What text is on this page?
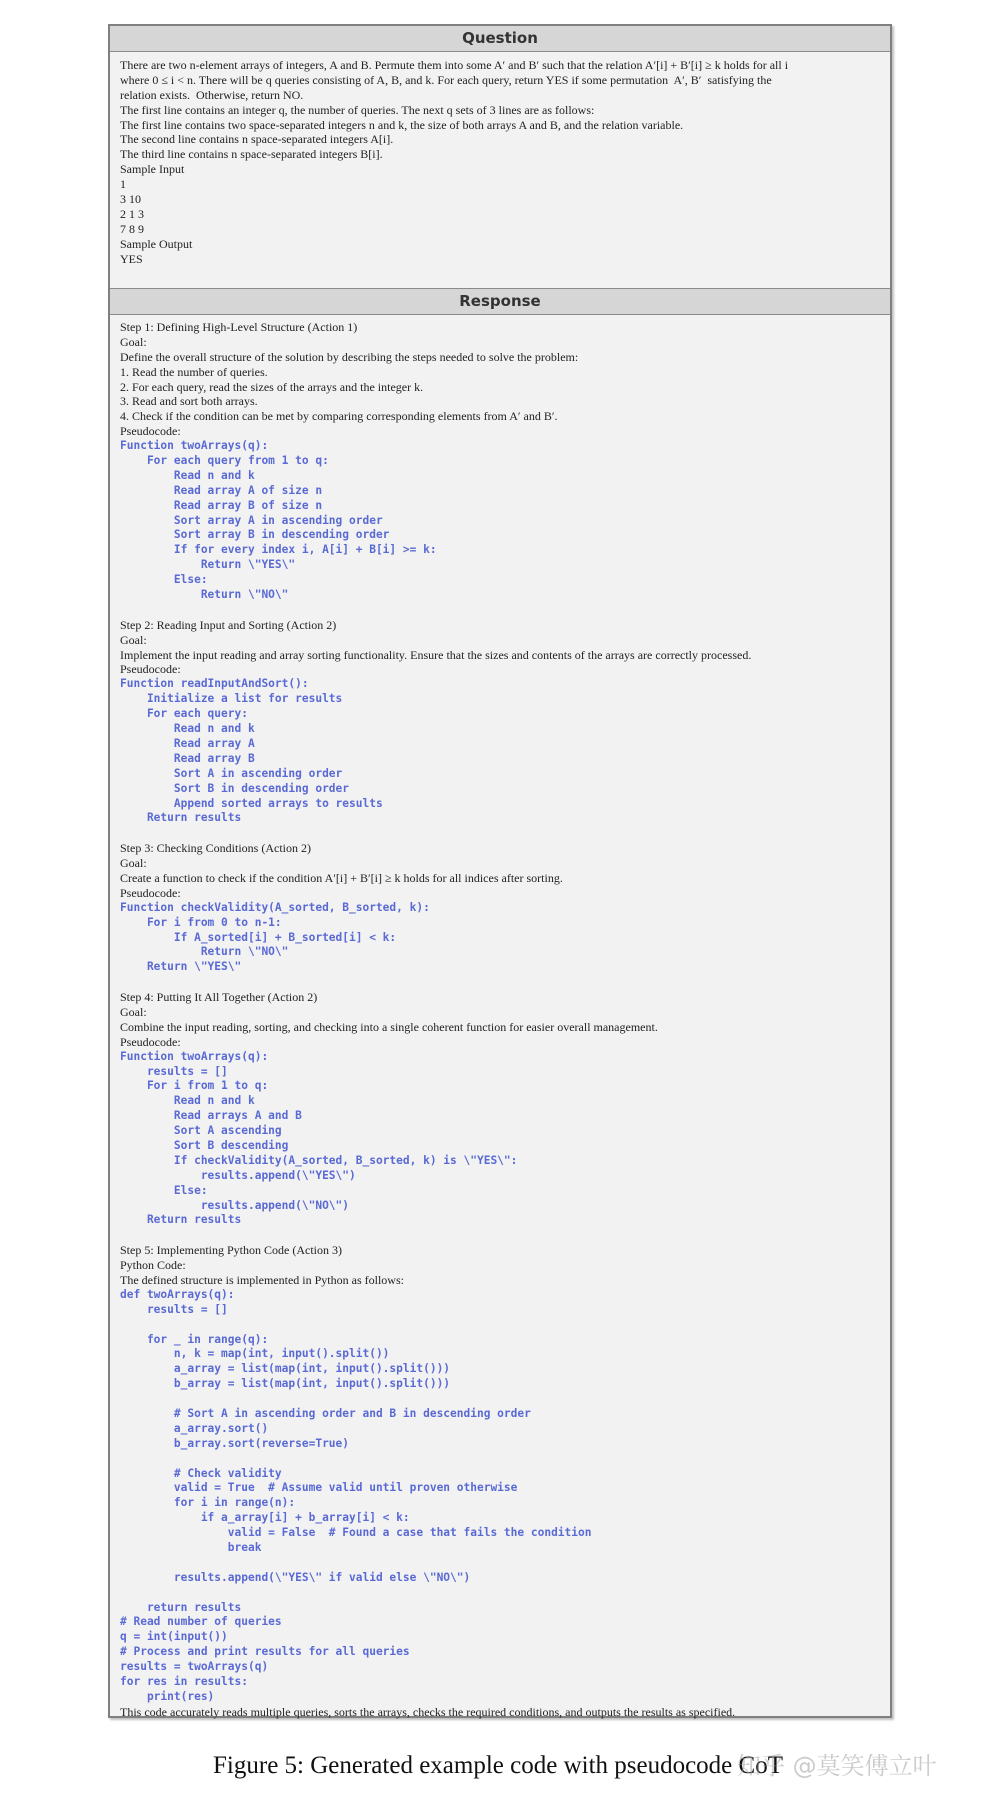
Question
There are two n-element arrays of integers, A and B. Permute them into some A′ and B′ such that the relation A′[i] + B′[i] ≥ k holds for all i
where 0 ≤ i < n. There will be q queries consisting of A, B, and k. For each query, return YES if some permutation  A′, B′  satisfying the
relation exists.  Otherwise, return NO.
The first line contains an integer q, the number of queries. The next q sets of 3 lines are as follows:
The first line contains two space-separated integers n and k, the size of both arrays A and B, and the relation variable.
The second line contains n space-separated integers A[i].
The third line contains n space-separated integers B[i].
Sample Input
1
3 10
2 1 3
7 8 9
Sample Output
YES
Response
Step 1: Defining High-Level Structure (Action 1)
Goal:
Define the overall structure of the solution by describing the steps needed to solve the problem:
1. Read the number of queries.
2. For each query, read the sizes of the arrays and the integer k.
3. Read and sort both arrays.
4. Check if the condition can be met by comparing corresponding elements from A′ and B′.
Pseudocode:
Function twoArrays(q):
For each query from 1 to q:
Read n and k
Read array A of size n
Read array B of size n
Sort array A in ascending order
Sort array B in descending order
If for every index i, A[i] + B[i] >= k:
Return \"YES\"
Else:
Return \"NO\"
Step 2: Reading Input and Sorting (Action 2)
Goal:
Implement the input reading and array sorting functionality. Ensure that the sizes and contents of the arrays are correctly processed.
Pseudocode:
Function readInputAndSort():
Initialize a list for results
For each query:
Read n and k
Read array A
Read array B
Sort A in ascending order
Sort B in descending order
Append sorted arrays to results
Return results
Step 3: Checking Conditions (Action 2)
Goal:
Create a function to check if the condition A′[i] + B′[i] ≥ k holds for all indices after sorting.
Pseudocode:
Function checkValidity(A_sorted, B_sorted, k):
For i from 0 to n-1:
If A_sorted[i] + B_sorted[i] < k:
Return \"NO\"
Return \"YES\"
Step 4: Putting It All Together (Action 2)
Goal:
Combine the input reading, sorting, and checking into a single coherent function for easier overall management.
Pseudocode:
Function twoArrays(q):
results = []
For i from 1 to q:
Read n and k
Read arrays A and B
Sort A ascending
Sort B descending
If checkValidity(A_sorted, B_sorted, k) is \"YES\":
results.append(\"YES\")
Else:
results.append(\"NO\")
Return results
Step 5: Implementing Python Code (Action 3)
Python Code:
The defined structure is implemented in Python as follows:
def twoArrays(q):
results = []
for _ in range(q):
n, k = map(int, input().split())
a_array = list(map(int, input().split()))
b_array = list(map(int, input().split()))
# Sort A in ascending order and B in descending order
a_array.sort()
b_array.sort(reverse=True)
# Check validity
valid = True  # Assume valid until proven otherwise
for i in range(n):
if a_array[i] + b_array[i] < k:
valid = False  # Found a case that fails the condition
break
results.append(\"YES\" if valid else \"NO\")
return results
# Read number of queries
q = int(input())
# Process and print results for all queries
results = twoArrays(q)
for res in results:
print(res)
This code accurately reads multiple queries, sorts the arrays, checks the required conditions, and outputs the results as specified.
Figure 5: Generated example code with pseudocode CoT
知乎 @莫笑傅立叶
